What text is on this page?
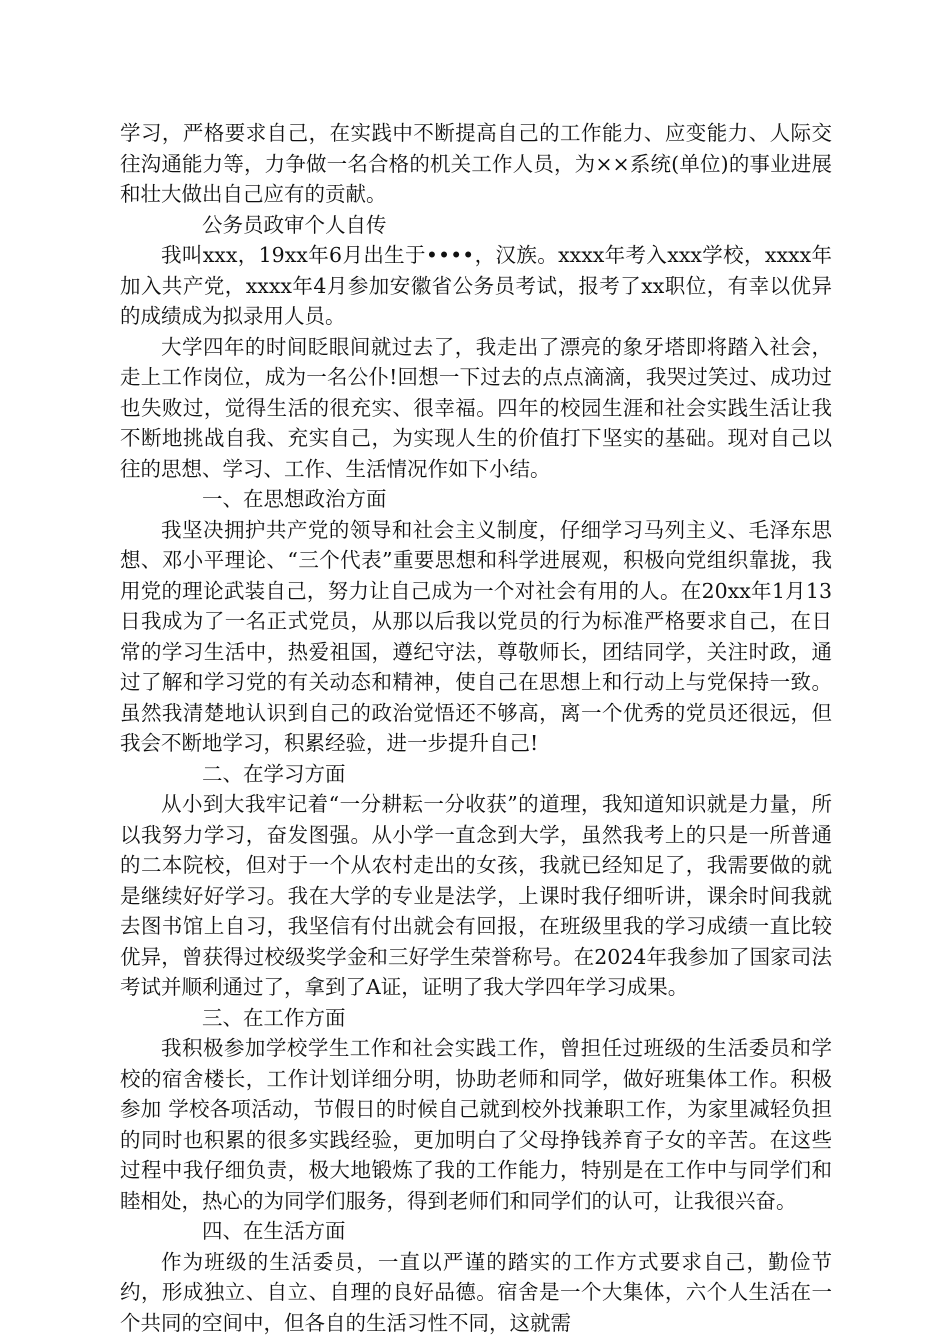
学习，严格要求自己，在实践中不断提高自己的工作能力、应变能力、人际交往沟通能力等，力争做一名合格的机关工作人员，为××系统(单位)的事业进展和壮大做出自己应有的贡献。

公务员政审个人自传

我叫xxx，19xx年6月出生于••••，汉族。xxxx年考入xxx学校，xxxx年加入共产党，xxxx年4月参加安徽省公务员考试，报考了xx职位，有幸以优异的成绩成为拟录用人员。

大学四年的时间眨眼间就过去了，我走出了漂亮的象牙塔即将踏入社会，走上工作岗位，成为一名公仆!回想一下过去的点点滴滴，我哭过笑过、成功过也失败过，觉得生活的很充实、很幸福。四年的校园生涯和社会实践生活让我不断地挑战自我、充实自己，为实现人生的价值打下坚实的基础。现对自己以往的思想、学习、工作、生活情况作如下小结。

一、在思想政治方面

我坚决拥护共产党的领导和社会主义制度，仔细学习马列主义、毛泽东思想、邓小平理论、“三个代表”重要思想和科学进展观，积极向党组织靠拢，我用党的理论武装自己，努力让自己成为一个对社会有用的人。在20xx年1月13日我成为了一名正式党员，从那以后我以党员的行为标准严格要求自己，在日常的学习生活中，热爱祖国，遵纪守法，尊敬师长，团结同学，关注时政，通过了解和学习党的有关动态和精神，使自己在思想上和行动上与党保持一致。虽然我清楚地认识到自己的政治觉悟还不够高，离一个优秀的党员还很远，但我会不断地学习，积累经验，进一步提升自己!

二、在学习方面

从小到大我牢记着“一分耕耘一分收获”的道理，我知道知识就是力量，所以我努力学习，奋发图强。从小学一直念到大学，虽然我考上的只是一所普通的二本院校，但对于一个从农村走出的女孩，我就已经知足了，我需要做的就是继续好好学习。我在大学的专业是法学，上课时我仔细听讲，课余时间我就去图书馆上自习，我坚信有付出就会有回报，在班级里我的学习成绩一直比较优异，曾获得过校级奖学金和三好学生荣誉称号。在2024年我参加了国家司法考试并顺利通过了，拿到了A证，证明了我大学四年学习成果。

三、在工作方面

我积极参加学校学生工作和社会实践工作，曾担任过班级的生活委员和学校的宿舍楼长，工作计划详细分明，协助老师和同学，做好班集体工作。积极参加 学校各项活动，节假日的时候自己就到校外找兼职工作，为家里减轻负担的同时也积累的很多实践经验，更加明白了父母挣钱养育子女的辛苦。在这些过程中我仔细负责，极大地锻炼了我的工作能力，特别是在工作中与同学们和睦相处，热心的为同学们服务，得到老师们和同学们的认可，让我很兴奋。

四、在生活方面

作为班级的生活委员，一直以严谨的踏实的工作方式要求自己，勤俭节约，形成独立、自立、自理的良好品德。宿舍是一个大集体，六个人生活在一个共同的空间中，但各自的生活习性不同，这就需
